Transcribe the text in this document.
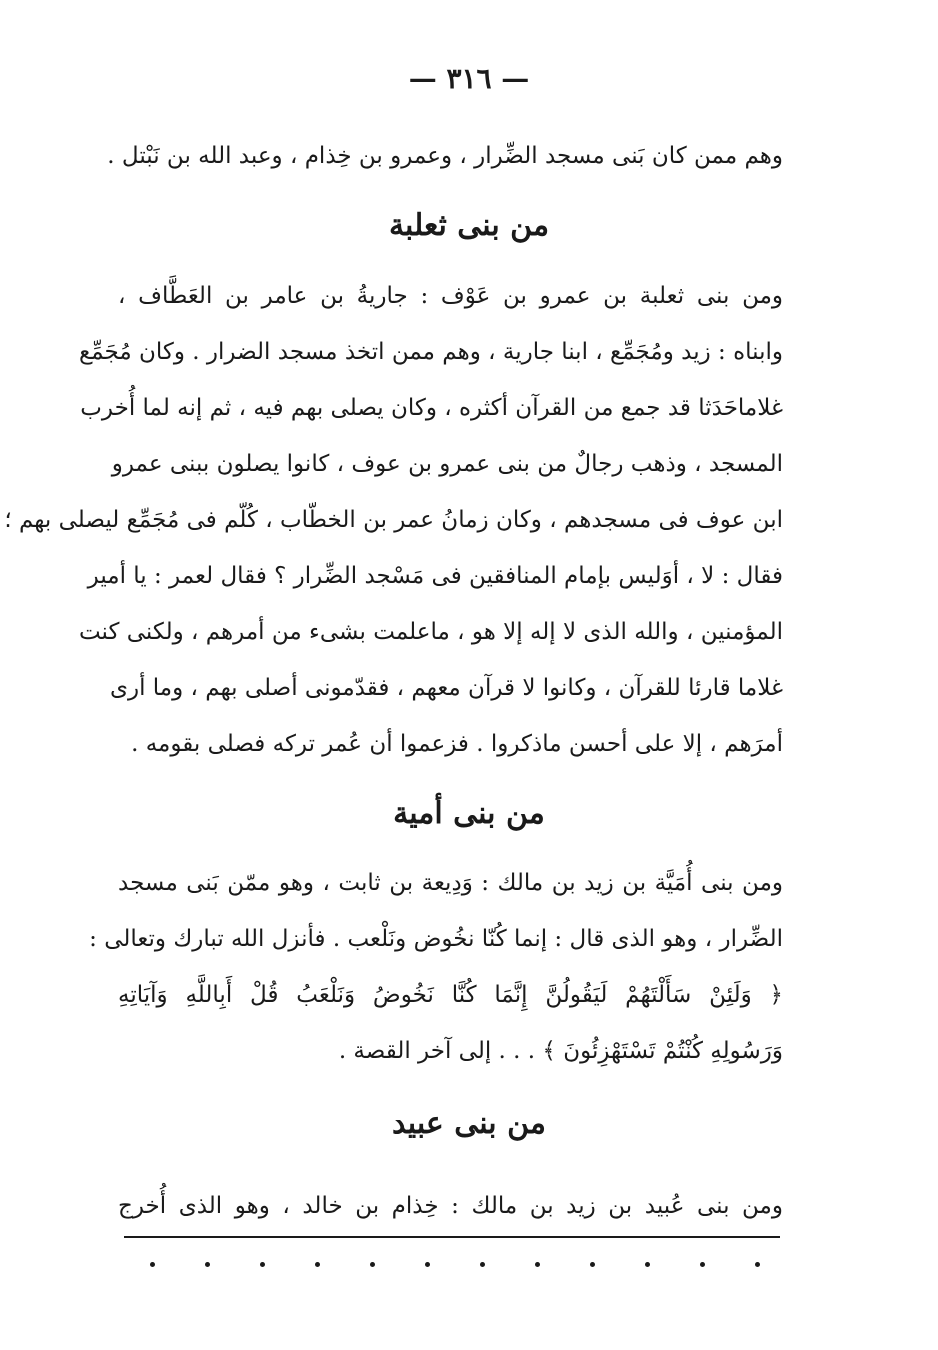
— ٣١٦ —
وهم ممن كان بَنى مسجد الضِّرار ، وعمرو بن خِذام ، وعبد الله بن نَبْتل .
من بنى ثعلبة
ومن بنى ثعلبة بن عمرو بن عَوْف : جاريةُ بن عامر بن العَطَّاف ،
وابناه : زيد ومُجَمِّع ، ابنا جارية ، وهم ممن اتخذ مسجد الضرار . وكان مُجَمِّع
غلاماحَدَثا قد جمع من القرآن أكثره ، وكان يصلى بهم فيه ، ثم إنه لما أُخرب
المسجد ، وذهب رجالٌ من بنى عمرو بن عوف ، كانوا يصلون ببنى عمرو
ابن عوف فى مسجدهم ، وكان زمانُ عمر بن الخطّاب ، كُلّم فى مُجَمِّع ليصلى بهم ؛
فقال : لا ، أوَليس بإمام المنافقين فى مَسْجد الضِّرار ؟ فقال لعمر : يا أمير
المؤمنين ، والله الذى لا إله إلا هو ، ماعلمت بشىء من أمرهم ، ولكنى كنت
غلاما قارئا للقرآن ، وكانوا لا قرآن معهم ، فقدّمونى أصلى بهم ، وما أرى
أمرَهم ، إلا على أحسن ماذكروا . فزعموا أن عُمر تركه فصلى بقومه .
من بنى أمية
ومن بنى أُمَيَّة بن زيد بن مالك : وَدِيعة بن ثابت ، وهو ممّن بَنى مسجد
الضِّرار ، وهو الذى قال : إنما كُنّا نخُوض ونَلْعب . فأنزل الله تبارك وتعالى :
﴿ وَلَئِنْ سَأَلْتَهُمْ لَيَقُولُنَّ إِنَّمَا كُنَّا نَخُوضُ وَنَلْعَبُ قُلْ أَبِاللَّهِ وَآيَاتِهِ
وَرَسُولِهِ كُنْتُمْ تَسْتَهْزِئُونَ ﴾ . . . إلى آخر القصة .
من بنى عبيد
ومن بنى عُبيد بن زيد بن مالك : خِذام بن خالد ، وهو الذى أُخرج
